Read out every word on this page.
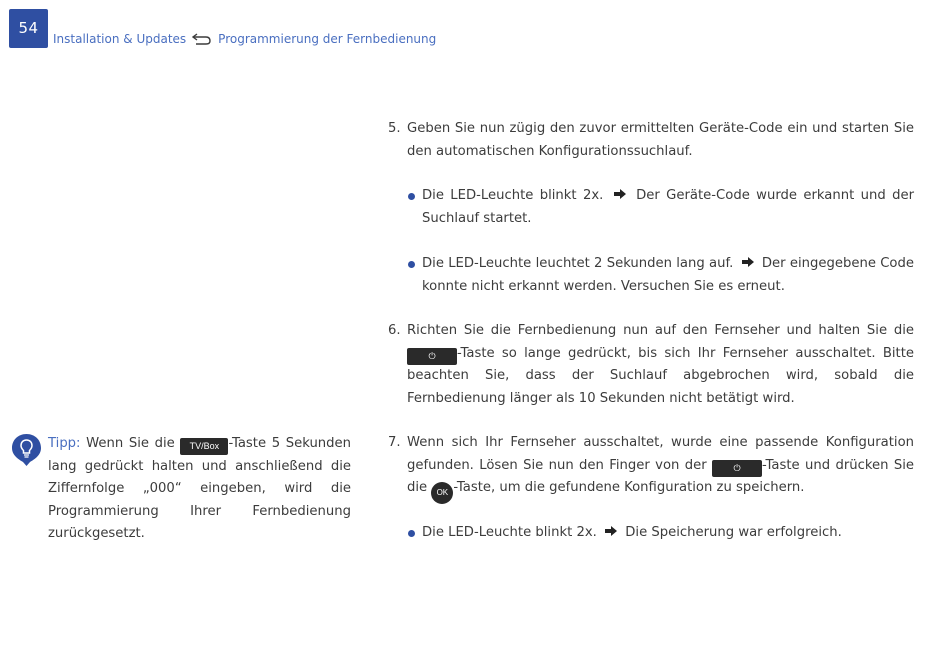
54
Installation & Updates	Programmierung der Fernbedienung
5. Geben Sie nun zügig den zuvor ermittelten Geräte-Code ein und starten Sie den automatischen Konfigurationssuchlauf.
Die LED-Leuchte blinkt 2x. Der Geräte-Code wurde erkannt und der Suchlauf startet.
Die LED-Leuchte leuchtet 2 Sekunden lang auf. Der eingegebene Code konnte nicht erkannt werden. Versuchen Sie es erneut.
6. Richten Sie die Fernbedienung nun auf den Fernseher und halten Sie die ⏻ -Taste so lange gedrückt, bis sich Ihr Fernseher ausschaltet. Bitte beachten Sie, dass der Suchlauf abgebrochen wird, sobald die Fernbedienung länger als 10 Sekunden nicht betätigt wird.
7. Wenn sich Ihr Fernseher ausschaltet, wurde eine passende Konfiguration gefunden. Lösen Sie nun den Finger von der	⏻ -Taste und drücken Sie die OK -Taste, um die gefundene Konfiguration zu speichern.
Die LED-Leuchte blinkt 2x. Die Speicherung war erfolgreich.
Tipp: Wenn Sie die TV/Box -Taste 5 Sekunden lang gedrückt halten und anschließend die Ziffernfolge „000“ eingeben, wird die Programmierung Ihrer Fernbedienung zurückgesetzt.
